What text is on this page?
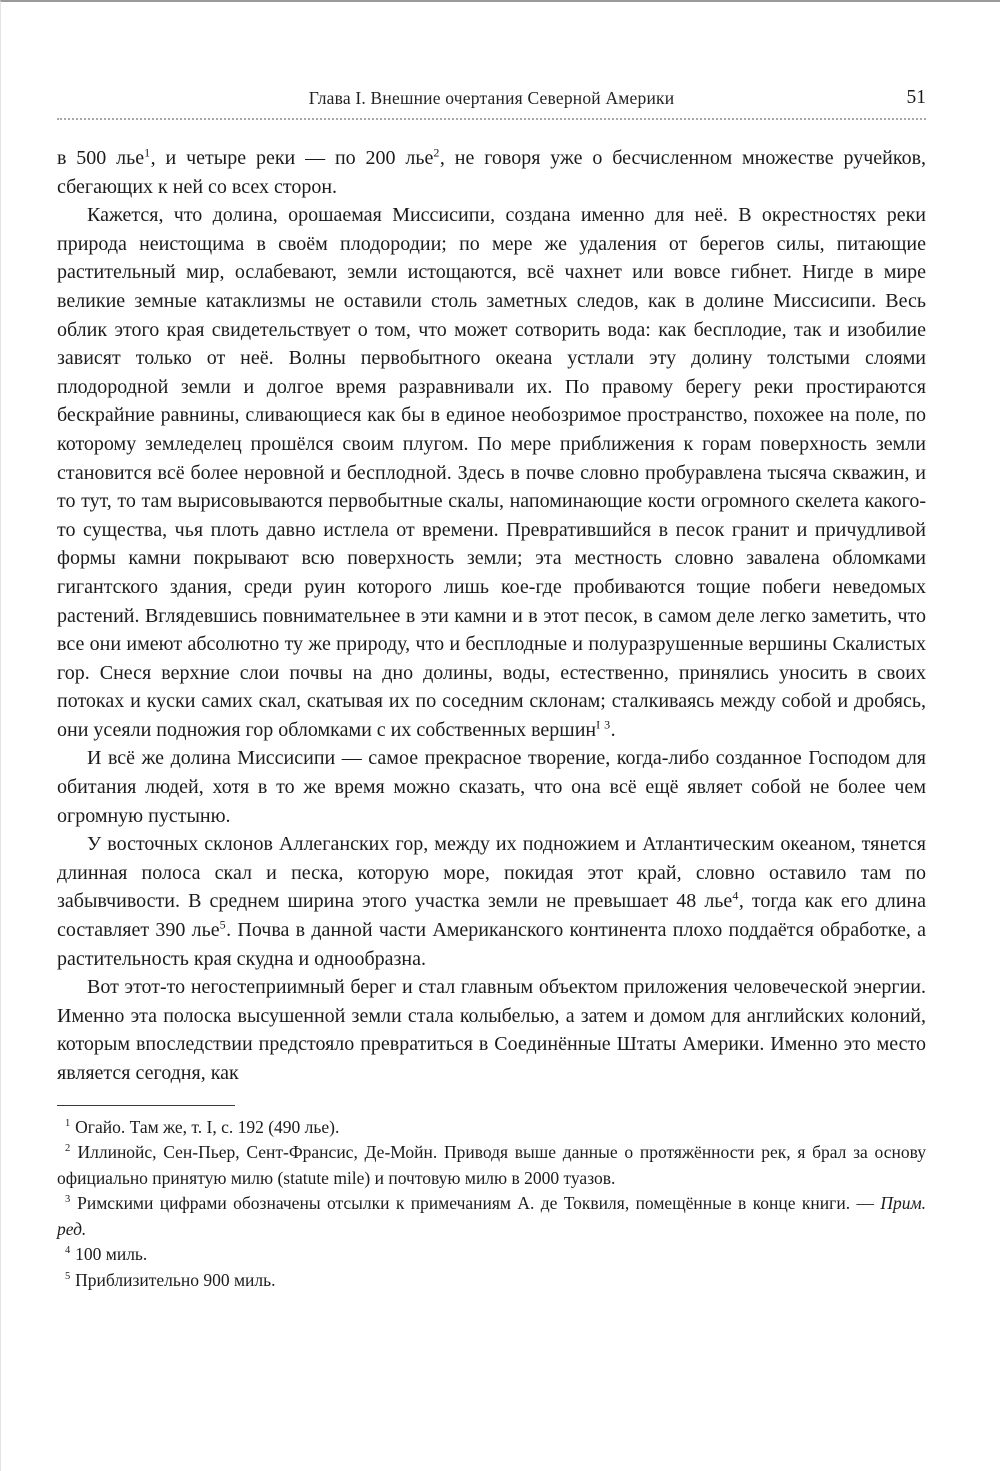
Глава I. Внешние очертания Северной Америки	51

в 500 лье$^1$, и четыре реки — по 200 лье$^2$, не говоря уже о бесчисленном множестве ручейков, сбегающих к ней со всех сторон.

Кажется, что долина, орошаемая Миссисипи, создана именно для неё. В окрестностях реки природа неистощима в своём плодородии; по мере же удаления от берегов силы, питающие растительный мир, ослабевают, земли истощаются, всё чахнет или вовсе гибнет. Нигде в мире великие земные катаклизмы не оставили столь заметных следов, как в долине Миссисипи. Весь облик этого края свидетельствует о том, что может сотворить вода: как бесплодие, так и изобилие зависят только от неё. Волны первобытного океана устлали эту долину толстыми слоями плодородной земли и долгое время разравнивали их. По правому берегу реки простираются бескрайние равнины, сливающиеся как бы в единое необозримое пространство, похожее на поле, по которому земледелец прошёлся своим плугом. По мере приближения к горам поверхность земли становится всё более неровной и бесплодной. Здесь в почве словно пробуравлена тысяча скважин, и то тут, то там вырисовываются первобытные скалы, напоминающие кости огромного скелета какого-то существа, чья плоть давно истлела от времени. Превратившийся в песок гранит и причудливой формы камни покрывают всю поверхность земли; эта местность словно завалена обломками гигантского здания, среди руин которого лишь кое-где пробиваются тощие побеги неведомых растений. Вглядевшись повнимательнее в эти камни и в этот песок, в самом деле легко заметить, что все они имеют абсолютно ту же природу, что и бесплодные и полуразрушенные вершины Скалистых гор. Снеся верхние слои почвы на дно долины, воды, естественно, принялись уносить в своих потоках и куски самих скал, скатывая их по соседним склонам; сталкиваясь между собой и дробясь, они усеяли подножия гор обломками с их собственных вершин$^{I 3}$.

И всё же долина Миссисипи — самое прекрасное творение, когда-либо созданное Господом для обитания людей, хотя в то же время можно сказать, что она всё ещё являет собой не более чем огромную пустыню.

У восточных склонов Аллеганских гор, между их подножием и Атлантическим океаном, тянется длинная полоса скал и песка, которую море, покидая этот край, словно оставило там по забывчивости. В среднем ширина этого участка земли не превышает 48 лье$^4$, тогда как его длина составляет 390 лье$^5$. Почва в данной части Американского континента плохо поддаётся обработке, а растительность края скудна и однообразна.

Вот этот-то негостеприимный берег и стал главным объектом приложения человеческой энергии. Именно эта полоска высушенной земли стала колыбелью, а затем и домом для английских колоний, которым впоследствии предстояло превратиться в Соединённые Штаты Америки. Именно это место является сегодня, как

$^1$ Огайо. Там же, т. I, с. 192 (490 лье).

$^2$ Иллинойс, Сен-Пьер, Сент-Франсис, Де-Мойн. Приводя выше данные о протяжённости рек, я брал за основу официально принятую милю (statute mile) и почтовую милю в 2000 туазов.

$^3$ Римскими цифрами обозначены отсылки к примечаниям А. де Токвиля, помещённые в конце книги. — Прим. ред.

$^4$ 100 миль.

$^5$ Приблизительно 900 миль.
